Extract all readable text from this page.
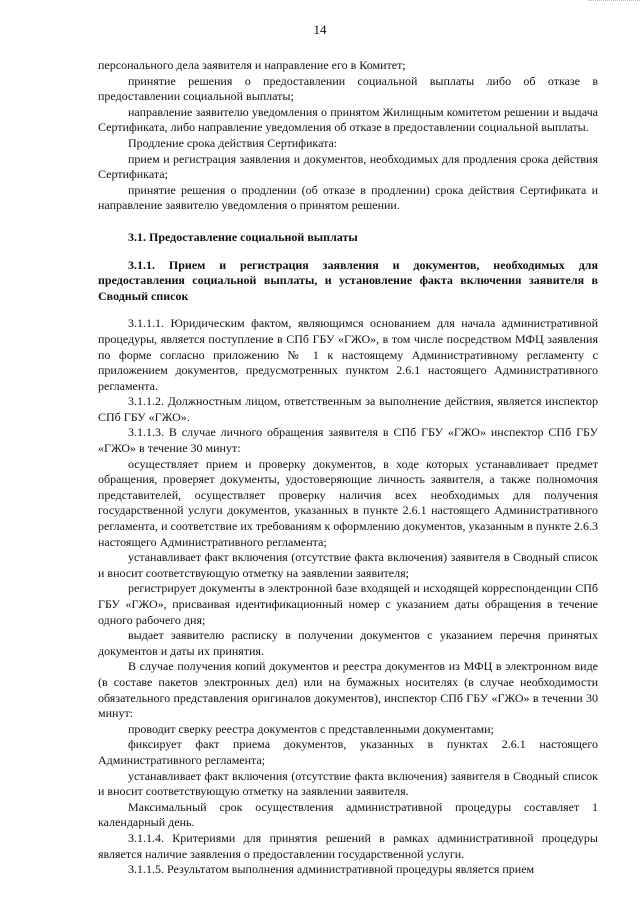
14

персонального дела заявителя и направление его в Комитет;

принятие решения о предоставлении социальной выплаты либо об отказе в предоставлении социальной выплаты;

направление заявителю уведомления о принятом Жилищным комитетом решении и выдача Сертификата, либо направление уведомления об отказе в предоставлении социальной выплаты.

Продление срока действия Сертификата:

прием и регистрация заявления и документов, необходимых для продления срока действия Сертификата;

принятие решения о продлении (об отказе в продлении) срока действия Сертификата и направление заявителю уведомления о принятом решении.

3.1. Предоставление социальной выплаты

3.1.1. Прием и регистрация заявления и документов, необходимых для предоставления социальной выплаты, и установление факта включения заявителя в Сводный список

3.1.1.1. Юридическим фактом, являющимся основанием для начала административной процедуры, является поступление в СПб ГБУ «ГЖО», в том числе посредством МФЦ заявления по форме согласно приложению № 1 к настоящему Административному регламенту с приложением документов, предусмотренных пунктом 2.6.1 настоящего Административного регламента.

3.1.1.2. Должностным лицом, ответственным за выполнение действия, является инспектор СПб ГБУ «ГЖО».

3.1.1.3. В случае личного обращения заявителя в СПб ГБУ «ГЖО» инспектор СПб ГБУ «ГЖО» в течение 30 минут:

осуществляет прием и проверку документов, в ходе которых устанавливает предмет обращения, проверяет документы, удостоверяющие личность заявителя, а также полномочия представителей, осуществляет проверку наличия всех необходимых для получения государственной услуги документов, указанных в пункте 2.6.1 настоящего Административного регламента, и соответствие их требованиям к оформлению документов, указанным в пункте 2.6.3 настоящего Административного регламента;

устанавливает факт включения (отсутствие факта включения) заявителя в Сводный список и вносит соответствующую отметку на заявлении заявителя;

регистрирует документы в электронной базе входящей и исходящей корреспонденции СПб ГБУ «ГЖО», присваивая идентификационный номер с указанием даты обращения в течение одного рабочего дня;

выдает заявителю расписку в получении документов с указанием перечня принятых документов и даты их принятия.

В случае получения копий документов и реестра документов из МФЦ в электронном виде (в составе пакетов электронных дел) или на бумажных носителях (в случае необходимости обязательного представления оригиналов документов), инспектор СПб ГБУ «ГЖО» в течении 30 минут:

проводит сверку реестра документов с представленными документами;

фиксирует факт приема документов, указанных в пунктах 2.6.1 настоящего Административного регламента;

устанавливает факт включения (отсутствие факта включения) заявителя в Сводный список и вносит соответствующую отметку на заявлении заявителя.

Максимальный срок осуществления административной процедуры составляет 1 календарный день.

3.1.1.4. Критериями для принятия решений в рамках административной процедуры является наличие заявления о предоставлении государственной услуги.

3.1.1.5. Результатом выполнения административной процедуры является прием
